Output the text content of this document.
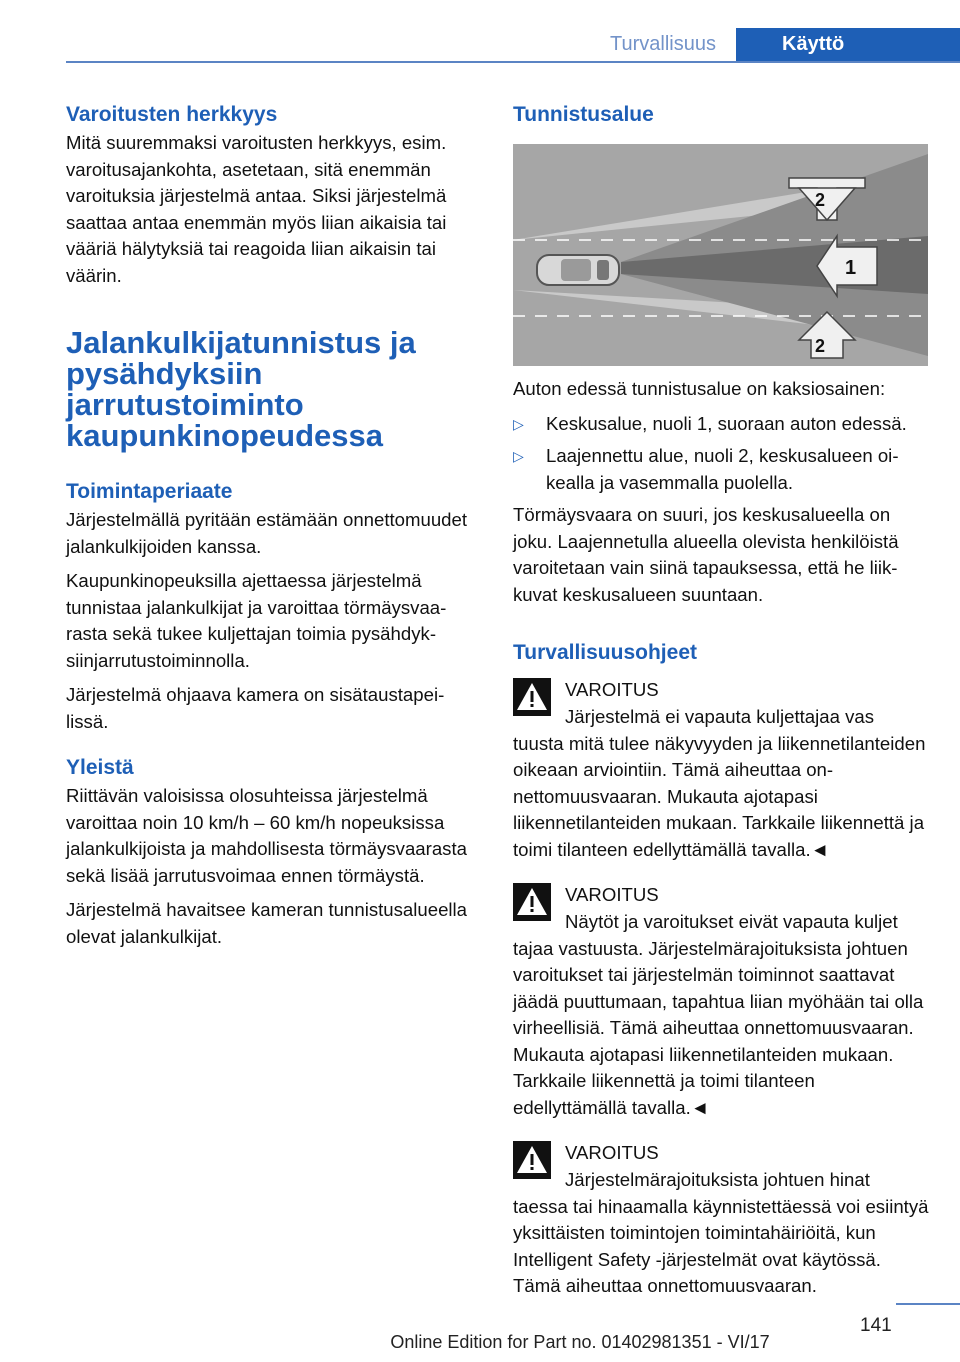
Turvallisuus	Käyttö
Varoitusten herkkyys

Mitä suuremmaksi varoitusten herkkyys, esim. varoitusajankohta, asetetaan, sitä enemmän varoituksia järjestelmä antaa. Siksi järjestelmä saattaa antaa enemmän myös liian aikaisia tai vääriä hälytyksiä tai reagoida liian aikaisin tai väärin.

Jalankulkijatunnistus ja
pysähdyksiin
jarrutustoiminto
kaupunkinopeudessa
Toimintaperiaate

Järjestelmällä pyritään estämään onnettomuudet jalankulkijoiden kanssa.

Kaupunkinopeuksilla ajettaessa järjestelmä tunnistaa jalankulkijat ja varoittaa törmäysvaarasta sekä tukee kuljettajan toimia pysähdyksiinjarrutustoiminnolla.

Järjestelmä ohjaava kamera on sisätaustapeilissä.

Yleistä

Riittävän valoisissa olosuhteissa järjestelmä varoittaa noin 10 km/h – 60 km/h nopeuksissa jalankulkijoista ja mahdollisesta törmäysvaarasta sekä lisää jarrutusvoimaa ennen törmäystä.

Järjestelmä havaitsee kameran tunnistusalueella olevat jalankulkijat.

Tunnistusalue
2
1
2

Auton edessä tunnistusalue on kaksiosainen:

▷ Keskusalue, nuoli 1, suoraan auton edessä.
▷ Laajennettu alue, nuoli 2, keskusalueen oikealla ja vasemmalla puolella.

Törmäysvaara on suuri, jos keskusalueella on joku. Laajennetulla alueella olevista henkilöistä varoitetaan vain siinä tapauksessa, että he liikkuvat keskusalueen suuntaan.

Turvallisuusohjeet

VAROITUS

Järjestelmä ei vapauta kuljettajaa vas

tuusta mitä tulee näkyvyyden ja liikennetilanteiden oikeaan arviointiin. Tämä aiheuttaa onnettomuusvaaran. Mukauta ajotapasi liikennetilanteiden mukaan. Tarkkaile liikennettä ja toimi tilanteen edellyttämällä tavalla.◄

VAROITUS

Näytöt ja varoitukset eivät vapauta kuljet

tajaa vastuusta. Järjestelmärajoituksista johtuen varoitukset tai järjestelmän toiminnot saattavat jäädä puuttumaan, tapahtua liian myöhään tai olla virheellisiä. Tämä aiheuttaa onnettomuusvaaran. Mukauta ajotapasi liikennetilanteiden mukaan. Tarkkaile liikennettä ja toimi tilanteen edellyttämällä tavalla.◄

VAROITUS

Järjestelmärajoituksista johtuen hinat

taessa tai hinaamalla käynnistettäessä voi esiintyä yksittäisten toimintojen toimintahäiriöitä, kun Intelligent Safety -järjestelmät ovat käytössä. Tämä aiheuttaa onnettomuusvaaran.

141
Online Edition for Part no. 01402981351 - VI/17
